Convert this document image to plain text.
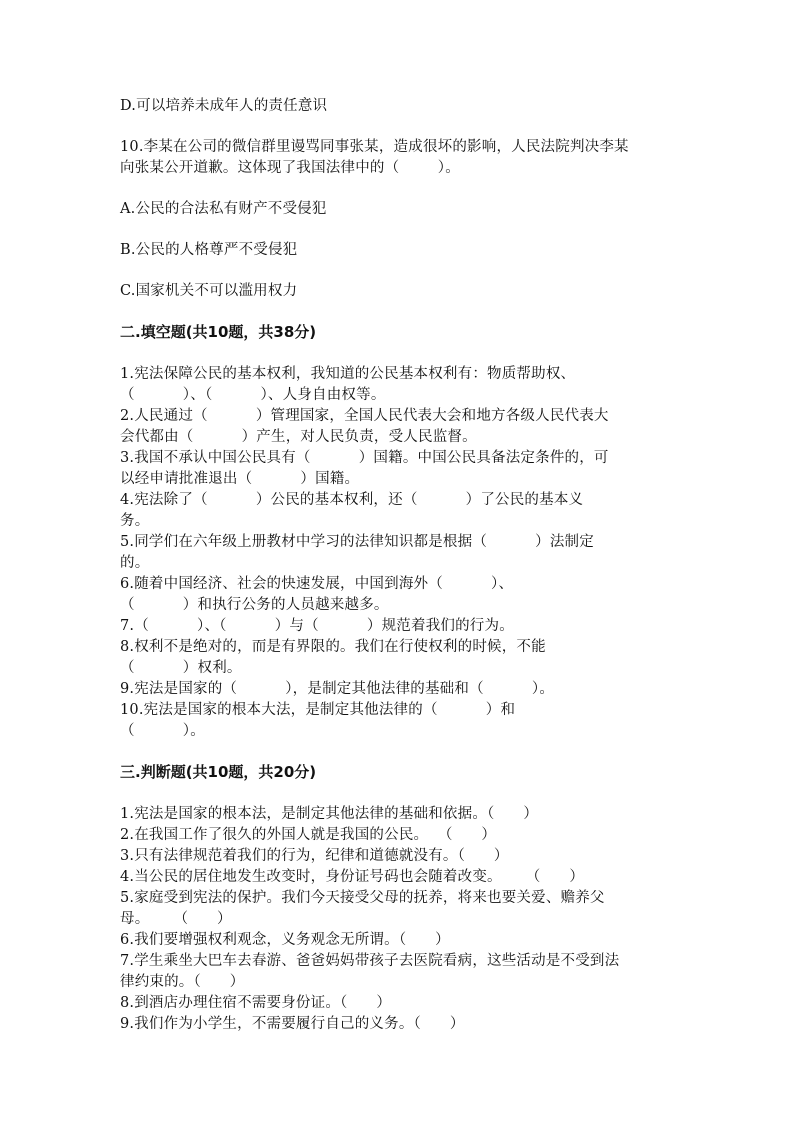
D.可以培养未成年人的责任意识

10.李某在公司的微信群里谩骂同事张某，造成很坏的影响，人民法院判决李某

向张某公开道歉。这体现了我国法律中的（        ）。

A.公民的合法私有财产不受侵犯

B.公民的人格尊严不受侵犯

C.国家机关不可以滥用权力

二.填空题(共10题，共38分)

1.宪法保障公民的基本权利，我知道的公民基本权利有：物质帮助权、

（          ）、（          ）、人身自由权等。

2.人民通过（          ）管理国家，全国人民代表大会和地方各级人民代表大

会代都由（          ）产生，对人民负责，受人民监督。

3.我国不承认中国公民具有（          ）国籍。中国公民具备法定条件的，可

以经申请批准退出（          ）国籍。

4.宪法除了（          ）公民的基本权利，还（          ）了公民的基本义

务。

5.同学们在六年级上册教材中学习的法律知识都是根据（          ）法制定

的。

6.随着中国经济、社会的快速发展，中国到海外（          ）、

（          ）和执行公务的人员越来越多。

7.（          ）、（          ）与（          ）规范着我们的行为。

8.权利不是绝对的，而是有界限的。我们在行使权利的时候，不能

（          ）权利。

9.宪法是国家的（          ），是制定其他法律的基础和（          ）。

10.宪法是国家的根本大法，是制定其他法律的（          ）和

（          ）。

三.判断题(共10题，共20分)

1.宪法是国家的根本法，是制定其他法律的基础和依据。（      ）

2.在我国工作了很久的外国人就是我国的公民。  （      ）

3.只有法律规范着我们的行为，纪律和道德就没有。（      ）

4.当公民的居住地发生改变时，身份证号码也会随着改变。     （      ）

5.家庭受到宪法的保护。我们今天接受父母的抚养，将来也要关爱、赡养父

母。     （      ）

6.我们要增强权利观念，义务观念无所谓。（      ）

7.学生乘坐大巴车去春游、爸爸妈妈带孩子去医院看病，这些活动是不受到法

律约束的。（      ）

8.到酒店办理住宿不需要身份证。（      ）

9.我们作为小学生，不需要履行自己的义务。（      ）
